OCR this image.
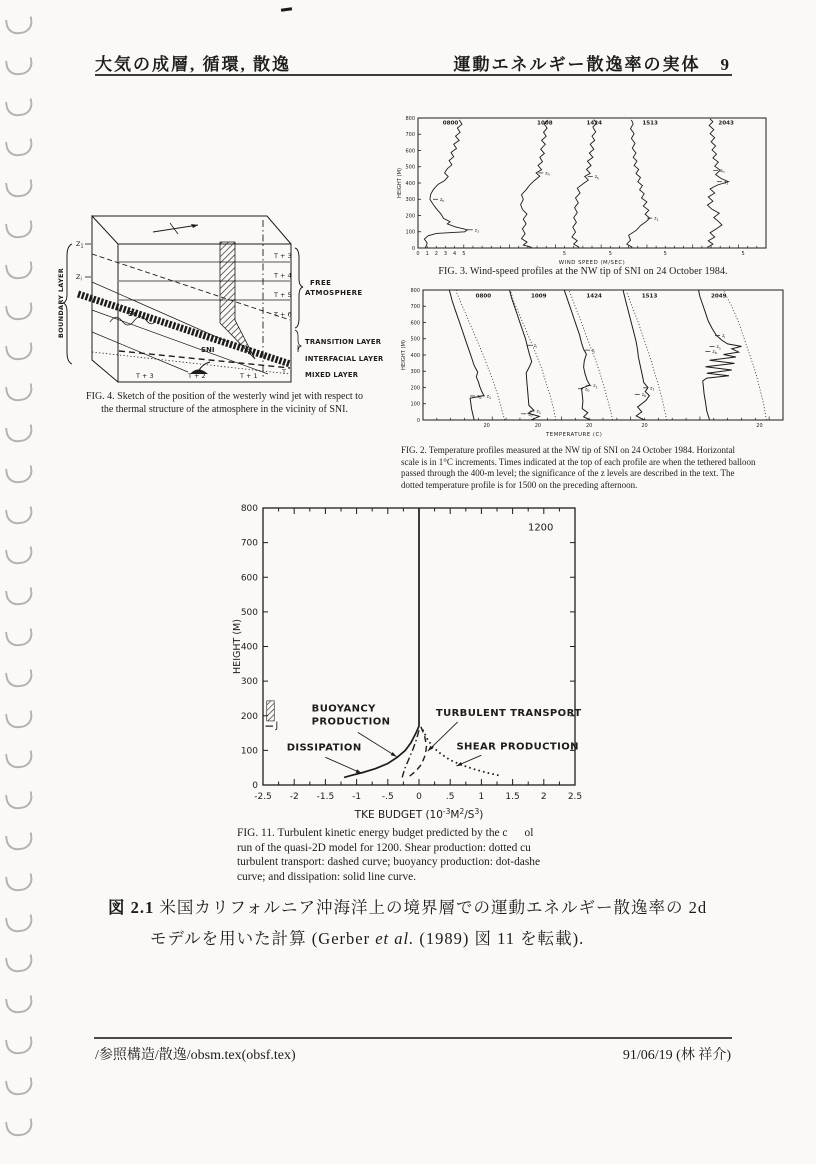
大気の成層, 循環, 散逸	運動エネルギー散逸率の実体 9
0
100
200
300
400
500
600
700
800
HEIGHT (M)
0 1 2 3 4 5	5	5	5	5
WIND SPEED (M/SEC)
0800	1008	1424	1513	2043
$z_1$
$z_h$
$z_h$
$z_h$
$z_1$
$z_h$
$z_1$
FIG. 3. Wind-speed profiles at the NW tip of SNI on 24 October 1984.
Sc
SNI
T + 3
T + 4
T + 5
T + 6
T
T + 3	T + 2	T + 1
$Z_1$
$Z_i$
BOUNDARY LAYER	FREE
ATMOSPHERE
TRANSITION LAYER
INTERFACIAL LAYER
MIXED LAYER
FIG. 4. Sketch of the position of the westerly wind jet with respect to
the thermal structure of the atmosphere in the vicinity of SNI.
0
100
200
300
400
500
600
700
800
HEIGHT (M)
20	20	20	20	20
TEMPERATURE (C)
0800	1009	1424	1513	2049
$z_b$ $z_1$
$z_1$
$z_b$
$z_i$
$z_i$
$z_1$
$z_b$	$z_1$
$z_b$
$z_i$
$z_1$
$z_b$
FIG. 2. Temperature profiles measured at the NW tip of SNI on 24 October 1984. Horizontal
scale is in 1°C increments. Times indicated at the top of each profile are when the tethered balloon
passed through the 400-m level; the significance of the z levels are described in the text. The
dotted temperature profile is for 1500 on the preceding afternoon.
0
100
200
300
400
500
600
700
800
HEIGHT (M)
-2.5 -2 -1.5 -1 -.5 0	.5	1 1.5 2 2.5
TKE BUDGET $(10^{-3}M^2/S^3)$
1200
J
BUOYANCY
PRODUCTION
TURBULENT TRANSPORT
DISSIPATION	SHEAR PRODUCTION
FIG. 11. Turbulent kinetic energy budget predicted by the c      ol
run of the quasi-2D model for 1200. Shear production: dotted cu
turbulent transport: dashed curve; buoyancy production: dot-dashe
curve; and dissipation: solid line curve.
図 2.1 米国カリフォルニア沖海洋上の境界層での運動エネルギー散逸率の 2d
モデルを用いた計算 (Gerber et al. (1989) 図 11 を転載).
/参照構造/散逸/obsm.tex(obsf.tex)	91/06/19 (林 祥介)
